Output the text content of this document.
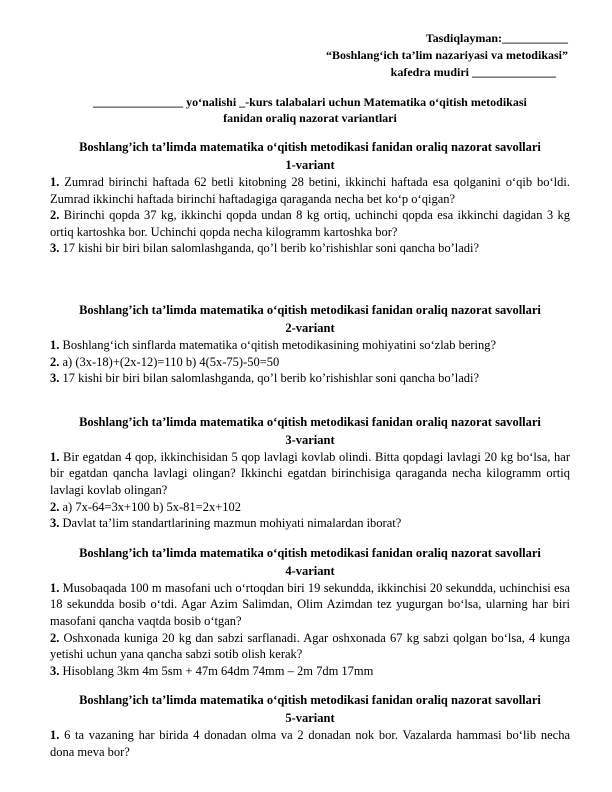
Tasdiqlayman:___________
“Boshlang‘ich ta’lim nazariyasi va metodikasi”
kafedra mudiri ______________
_______________ yo‘nalishi _-kurs talabalari uchun Matematika o‘qitish metodikasi
fanidan oraliq nazorat variantlari
Boshlang’ich ta’limda matematika o‘qitish metodikasi fanidan oraliq nazorat savollari
1-variant
1. Zumrad birinchi haftada 62 betli kitobning 28 betini, ikkinchi haftada esa qolganini o‘qib bo‘ldi. Zumrad ikkinchi haftada birinchi haftadagiga qaraganda necha bet ko‘p o‘qigan?
2. Birinchi qopda 37 kg, ikkinchi qopda undan 8 kg ortiq, uchinchi qopda esa ikkinchi dagidan 3 kg ortiq kartoshka bor. Uchinchi qopda necha kilogramm kartoshka bor?
3. 17 kishi bir biri bilan salomlashganda, qo’l berib ko’rishishlar soni qancha bo’ladi?
Boshlang’ich ta’limda matematika o‘qitish metodikasi fanidan oraliq nazorat savollari
2-variant
1. Boshlang‘ich sinflarda matematika o‘qitish metodikasining mohiyatini so‘zlab bering?
2. a) (3x-18)+(2x-12)=110 b) 4(5x-75)-50=50
3. 17 kishi bir biri bilan salomlashganda, qo’l berib ko’rishishlar soni qancha bo’ladi?
Boshlang’ich ta’limda matematika o‘qitish metodikasi fanidan oraliq nazorat savollari
3-variant
1. Bir egatdan 4 qop, ikkinchisidan 5 qop lavlagi kovlab olindi. Bitta qopdagi lavlagi 20 kg bo‘lsa, har bir egatdan qancha lavlagi olingan? Ikkinchi egatdan birinchisiga qaraganda necha kilogramm ortiq lavlagi kovlab olingan?
2. a) 7x-64=3x+100 b) 5x-81=2x+102
3. Davlat ta’lim standartlarining mazmun mohiyati nimalardan iborat?
Boshlang’ich ta’limda matematika o‘qitish metodikasi fanidan oraliq nazorat savollari
4-variant
1. Musobaqada 100 m masofani uch o‘rtoqdan biri 19 sekundda, ikkinchisi 20 sekundda, uchinchisi esa 18 sekundda bosib o‘tdi. Agar Azim Salimdan, Olim Azimdan tez yugurgan bo‘lsa, ularning har biri masofani qancha vaqtda bosib o‘tgan?
2. Oshxonada kuniga 20 kg dan sabzi sarflanadi. Agar oshxonada 67 kg sabzi qolgan bo‘lsa, 4 kunga yetishi uchun yana qancha sabzi sotib olish kerak?
3. Hisoblang 3km 4m 5sm + 47m 64dm 74mm – 2m 7dm 17mm
Boshlang’ich ta’limda matematika o‘qitish metodikasi fanidan oraliq nazorat savollari
5-variant
1. 6 ta vazaning har birida 4 donadan olma va 2 donadan nok bor. Vazalarda hammasi bo‘lib necha dona meva bor?
